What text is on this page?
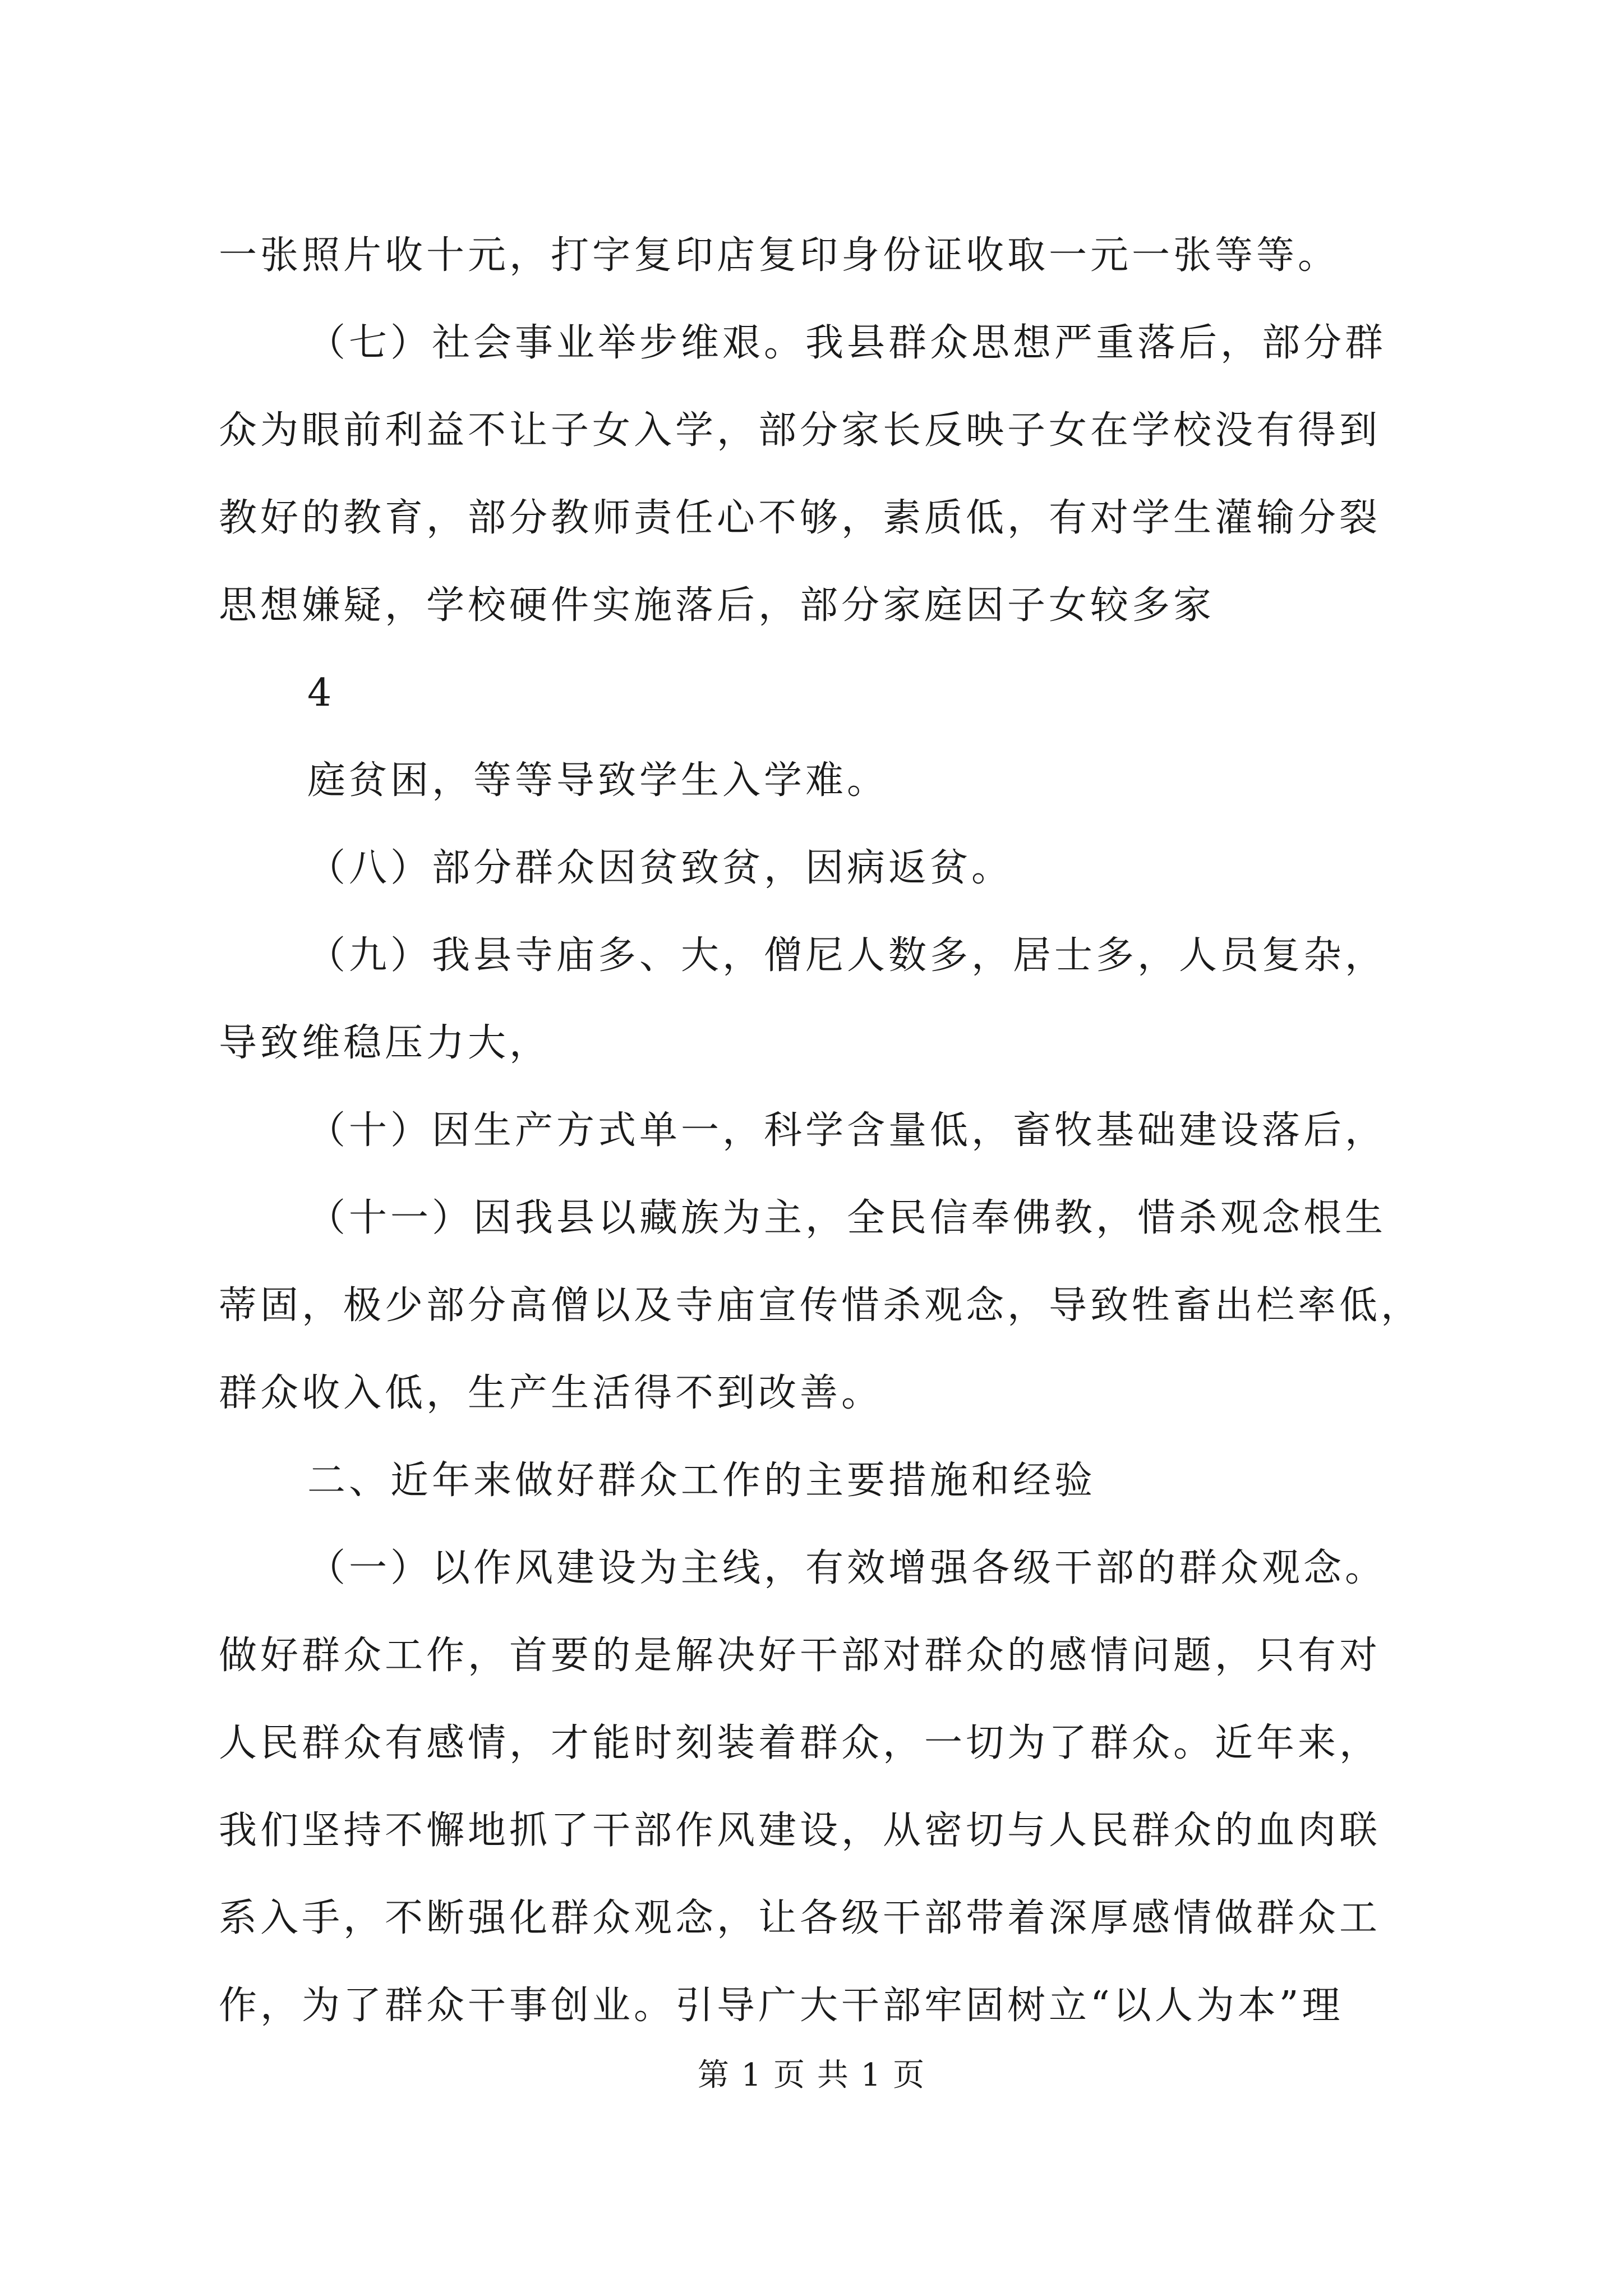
一张照片收十元，打字复印店复印身份证收取一元一张等等。
（七）社会事业举步维艰。我县群众思想严重落后，部分群
众为眼前利益不让子女入学，部分家长反映子女在学校没有得到
教好的教育，部分教师责任心不够，素质低，有对学生灌输分裂
思想嫌疑，学校硬件实施落后，部分家庭因子女较多家
4
庭贫困，等等导致学生入学难。
（八）部分群众因贫致贫，因病返贫。
（九）我县寺庙多、大，僧尼人数多，居士多，人员复杂，
导致维稳压力大，
（十）因生产方式单一，科学含量低，畜牧基础建设落后，
（十一）因我县以藏族为主，全民信奉佛教，惜杀观念根生
蒂固，极少部分高僧以及寺庙宣传惜杀观念，导致牲畜出栏率低，
群众收入低，生产生活得不到改善。
二、近年来做好群众工作的主要措施和经验
（一）以作风建设为主线，有效增强各级干部的群众观念。
做好群众工作，首要的是解决好干部对群众的感情问题，只有对
人民群众有感情，才能时刻装着群众，一切为了群众。近年来，
我们坚持不懈地抓了干部作风建设，从密切与人民群众的血肉联
系入手，不断强化群众观念，让各级干部带着深厚感情做群众工
作，为了群众干事创业。引导广大干部牢固树立“以人为本”理
第 1 页 共 1 页
